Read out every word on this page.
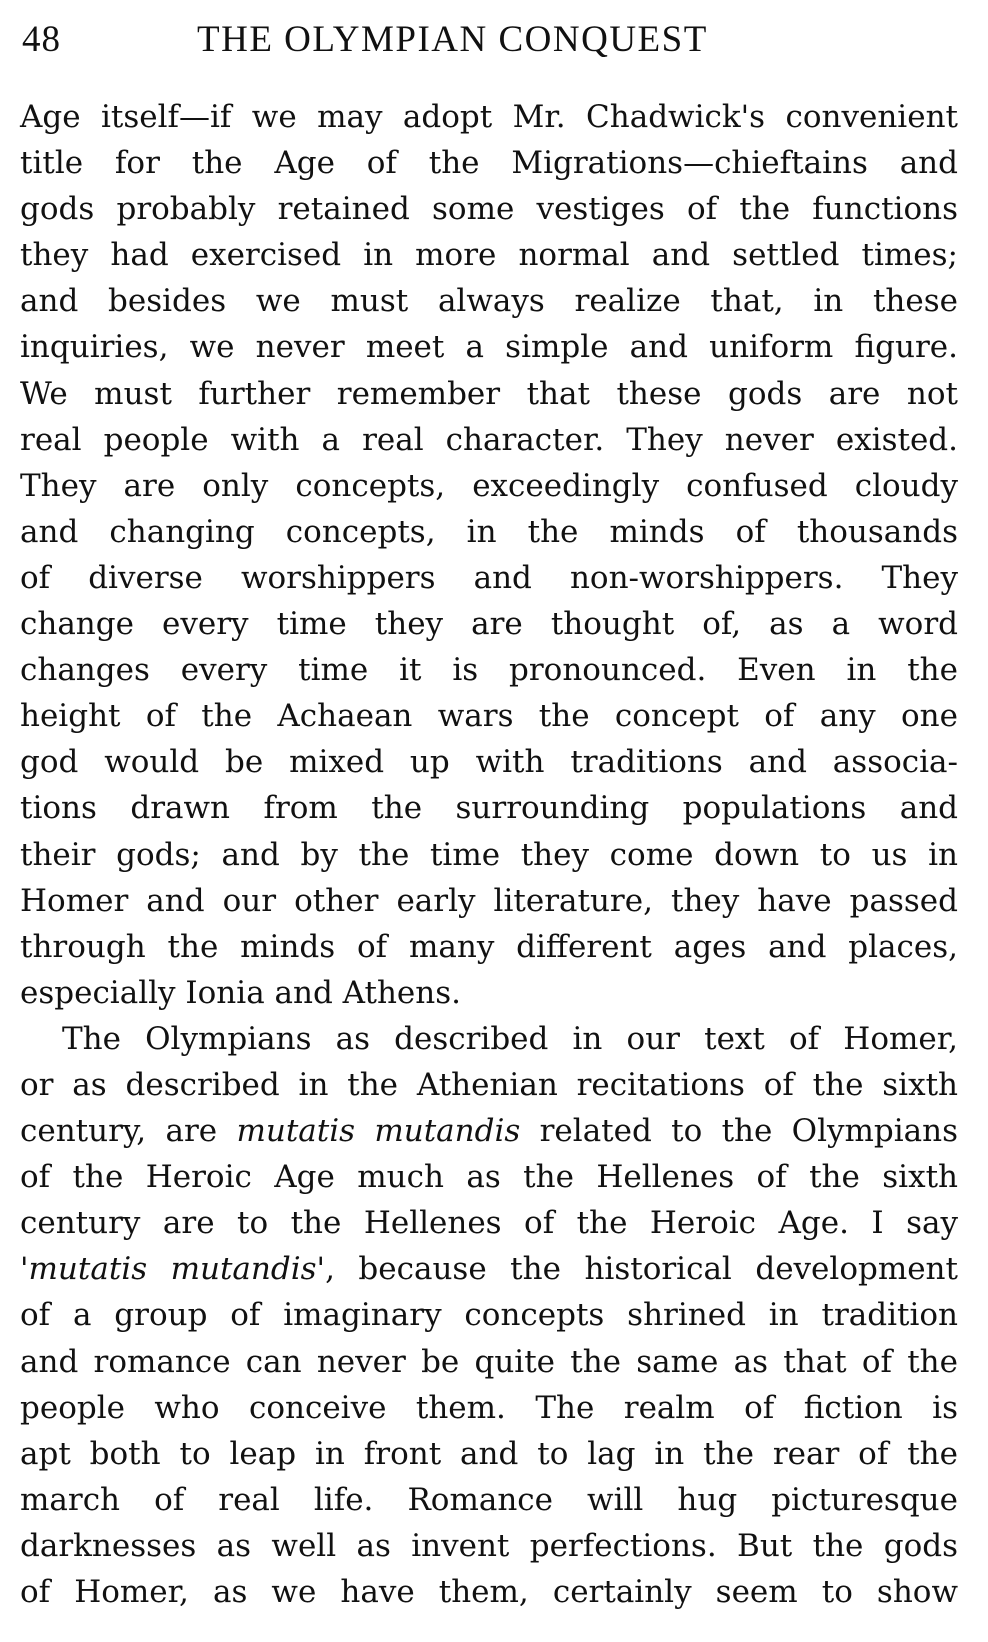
48	THE OLYMPIAN CONQUEST
Age itself—if we may adopt Mr. Chadwick's convenient
title for the Age of the Migrations—chieftains and
gods probably retained some vestiges of the functions
they had exercised in more normal and settled times;
and besides we must always realize that, in these
inquiries, we never meet a simple and uniform figure.
We must further remember that these gods are not
real people with a real character. They never existed.
They are only concepts, exceedingly confused cloudy
and changing concepts, in the minds of thousands
of diverse worshippers and non-worshippers. They
change every time they are thought of, as a word
changes every time it is pronounced. Even in the
height of the Achaean wars the concept of any one
god would be mixed up with traditions and associa-
tions drawn from the surrounding populations and
their gods; and by the time they come down to us in
Homer and our other early literature, they have passed
through the minds of many different ages and places,
especially Ionia and Athens.
The Olympians as described in our text of Homer,
or as described in the Athenian recitations of the sixth
century, are mutatis mutandis related to the Olympians
of the Heroic Age much as the Hellenes of the sixth
century are to the Hellenes of the Heroic Age. I say
'mutatis mutandis', because the historical development
of a group of imaginary concepts shrined in tradition
and romance can never be quite the same as that of the
people who conceive them. The realm of fiction is
apt both to leap in front and to lag in the rear of the
march of real life. Romance will hug picturesque
darknesses as well as invent perfections. But the gods
of Homer, as we have them, certainly seem to show
